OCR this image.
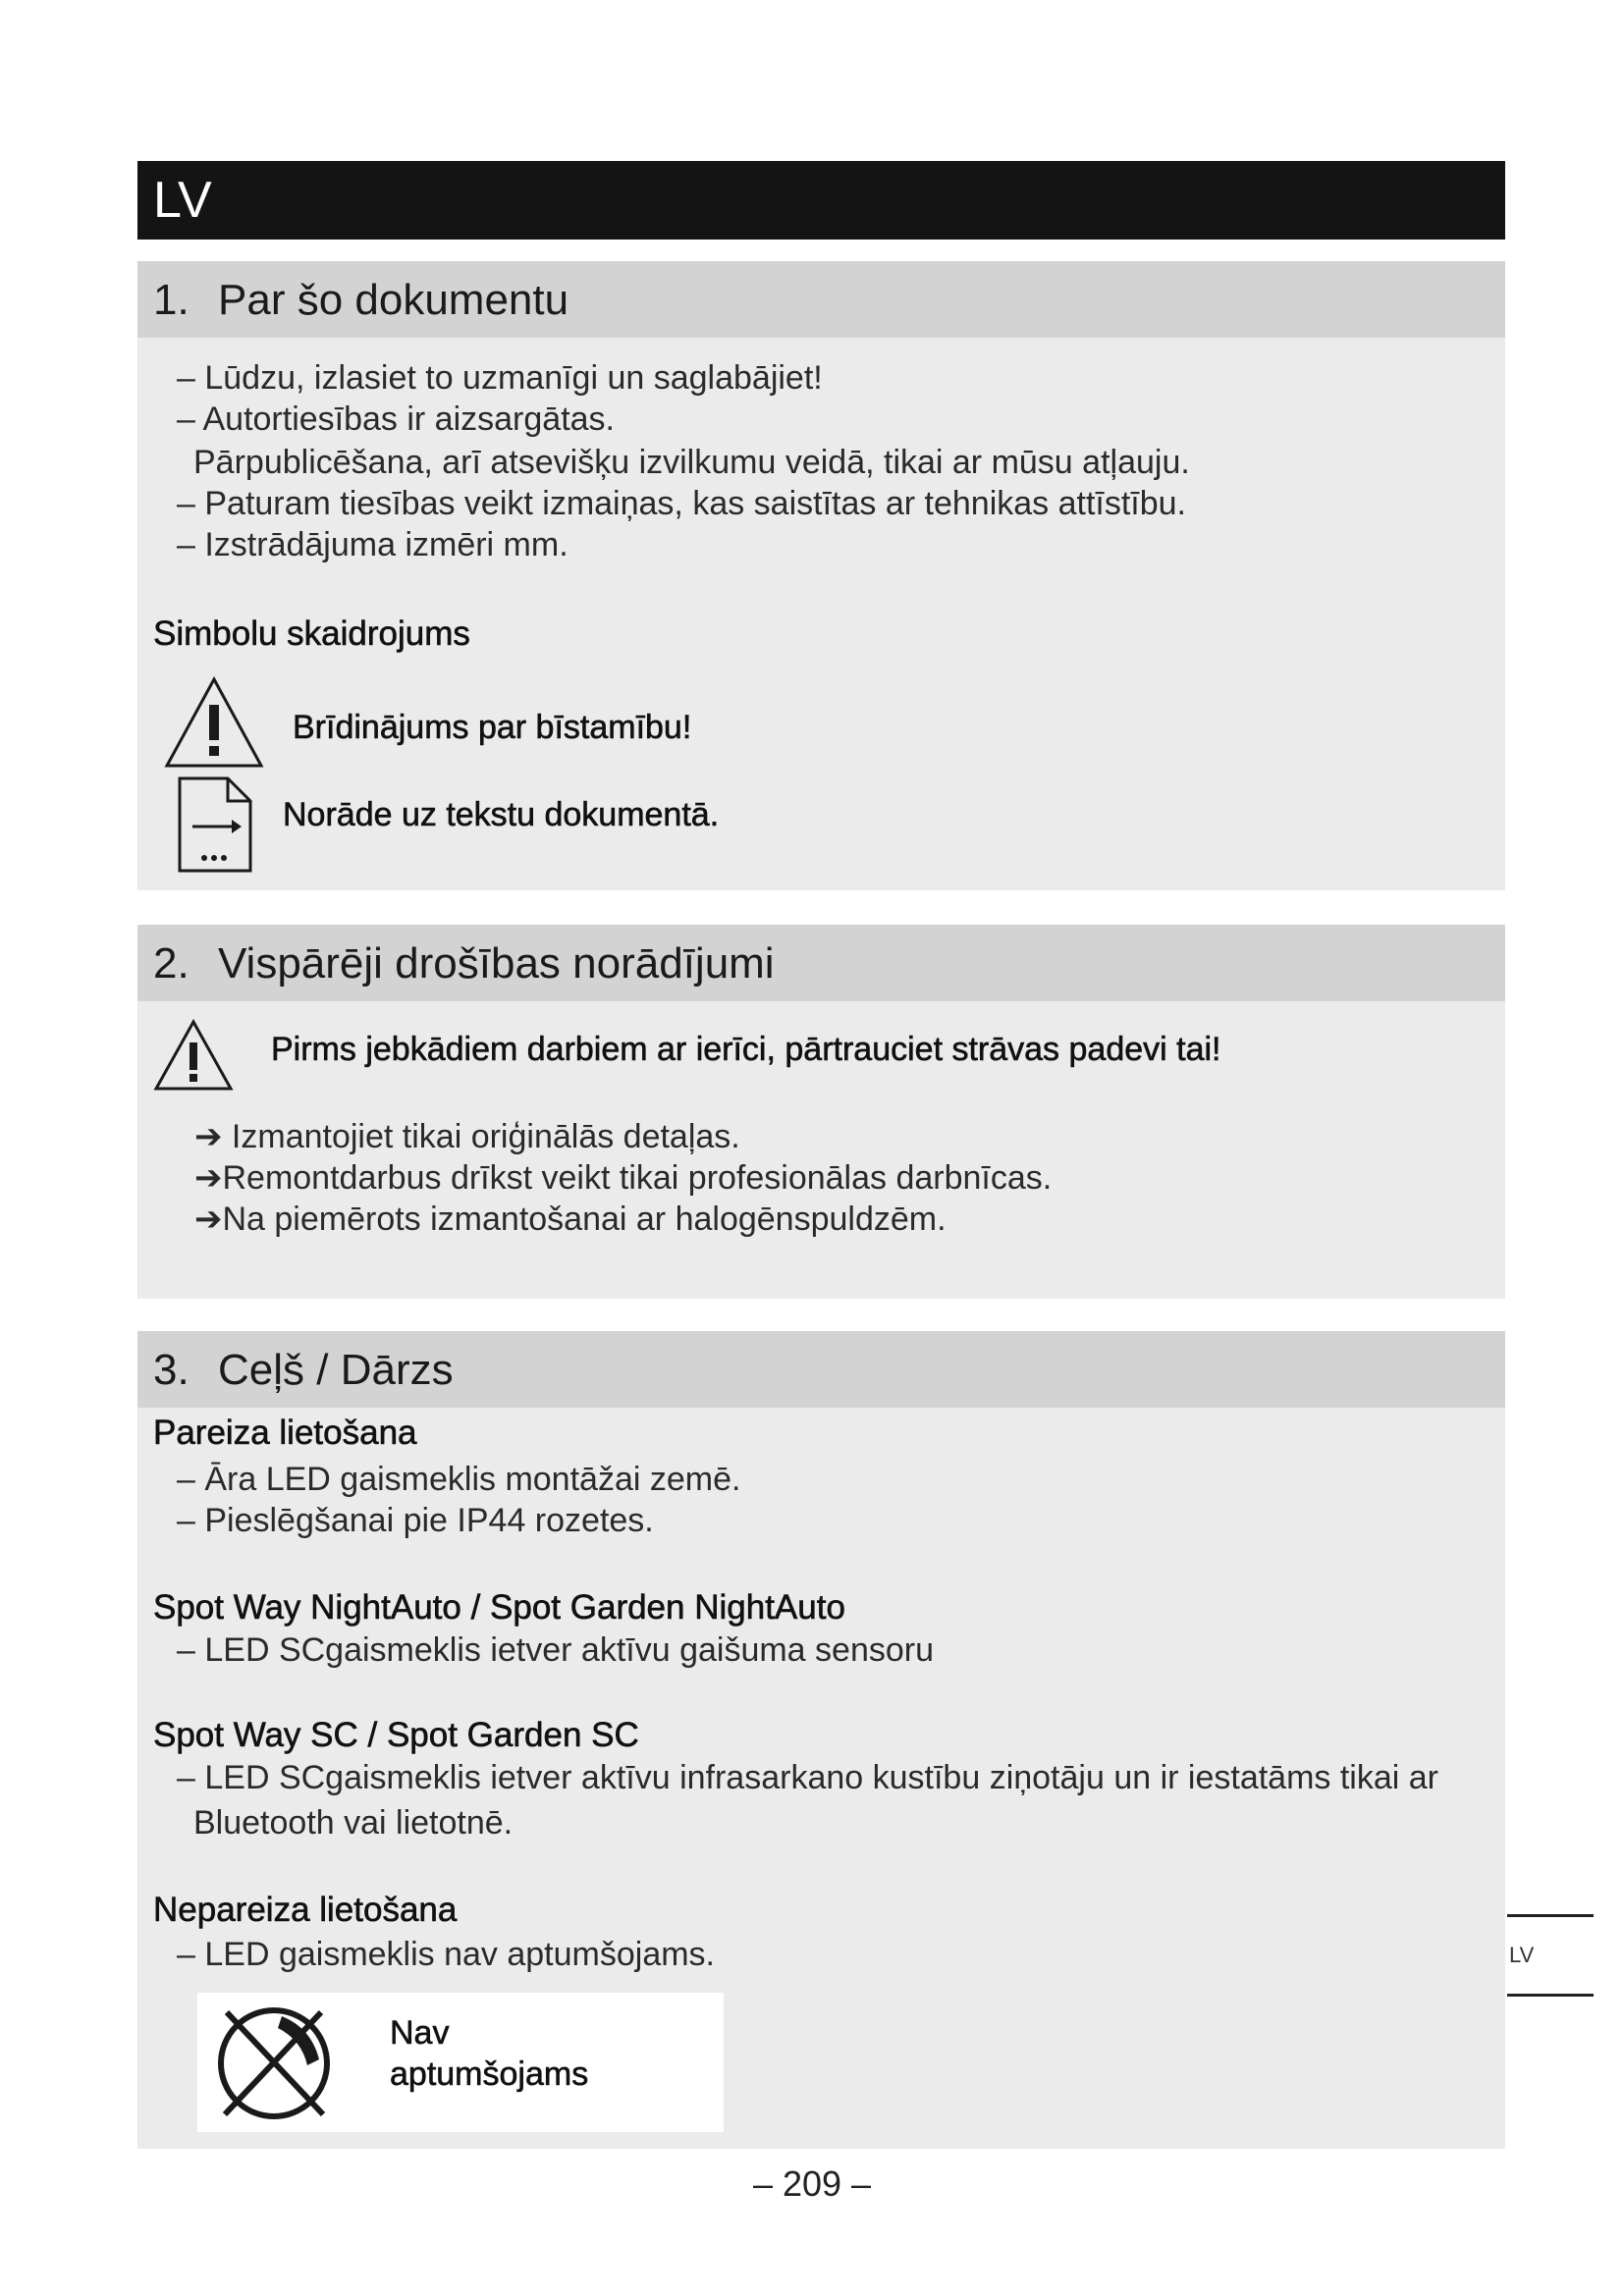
LV
1. Par šo dokumentu
– Lūdzu, izlasiet to uzmanīgi un saglabājiet!
– Autortiesības ir aizsargātas.
Pārpublicēšana, arī atsevišķu izvilkumu veidā, tikai ar mūsu atļauju.
– Paturam tiesības veikt izmaiņas, kas saistītas ar tehnikas attīstību.
– Izstrādājuma izmēri mm.
Simbolu skaidrojums
Brīdinājums par bīstamību!
Norāde uz tekstu dokumentā.
2. Vispārēji drošības norādījumi
Pirms jebkādiem darbiem ar ierīci, pārtrauciet strāvas padevi tai!
➔ Izmantojiet tikai oriģinālās detaļas.
➔Remontdarbus drīkst veikt tikai profesionālas darbnīcas.
➔Na piemērots izmantošanai ar halogēnspuldzēm.
3. Ceļš / Dārzs
Pareiza lietošana
– Āra LED gaismeklis montāžai zemē.
– Pieslēgšanai pie IP44 rozetes.
Spot Way NightAuto / Spot Garden NightAuto
– LED SCgaismeklis ietver aktīvu gaišuma sensoru
Spot Way SC / Spot Garden SC
– LED SCgaismeklis ietver aktīvu infrasarkano kustību ziņotāju un ir iestatāms tikai ar
Bluetooth vai lietotnē.
Nepareiza lietošana
– LED gaismeklis nav aptumšojams.
Nav
aptumšojams
LV
– 209 –
